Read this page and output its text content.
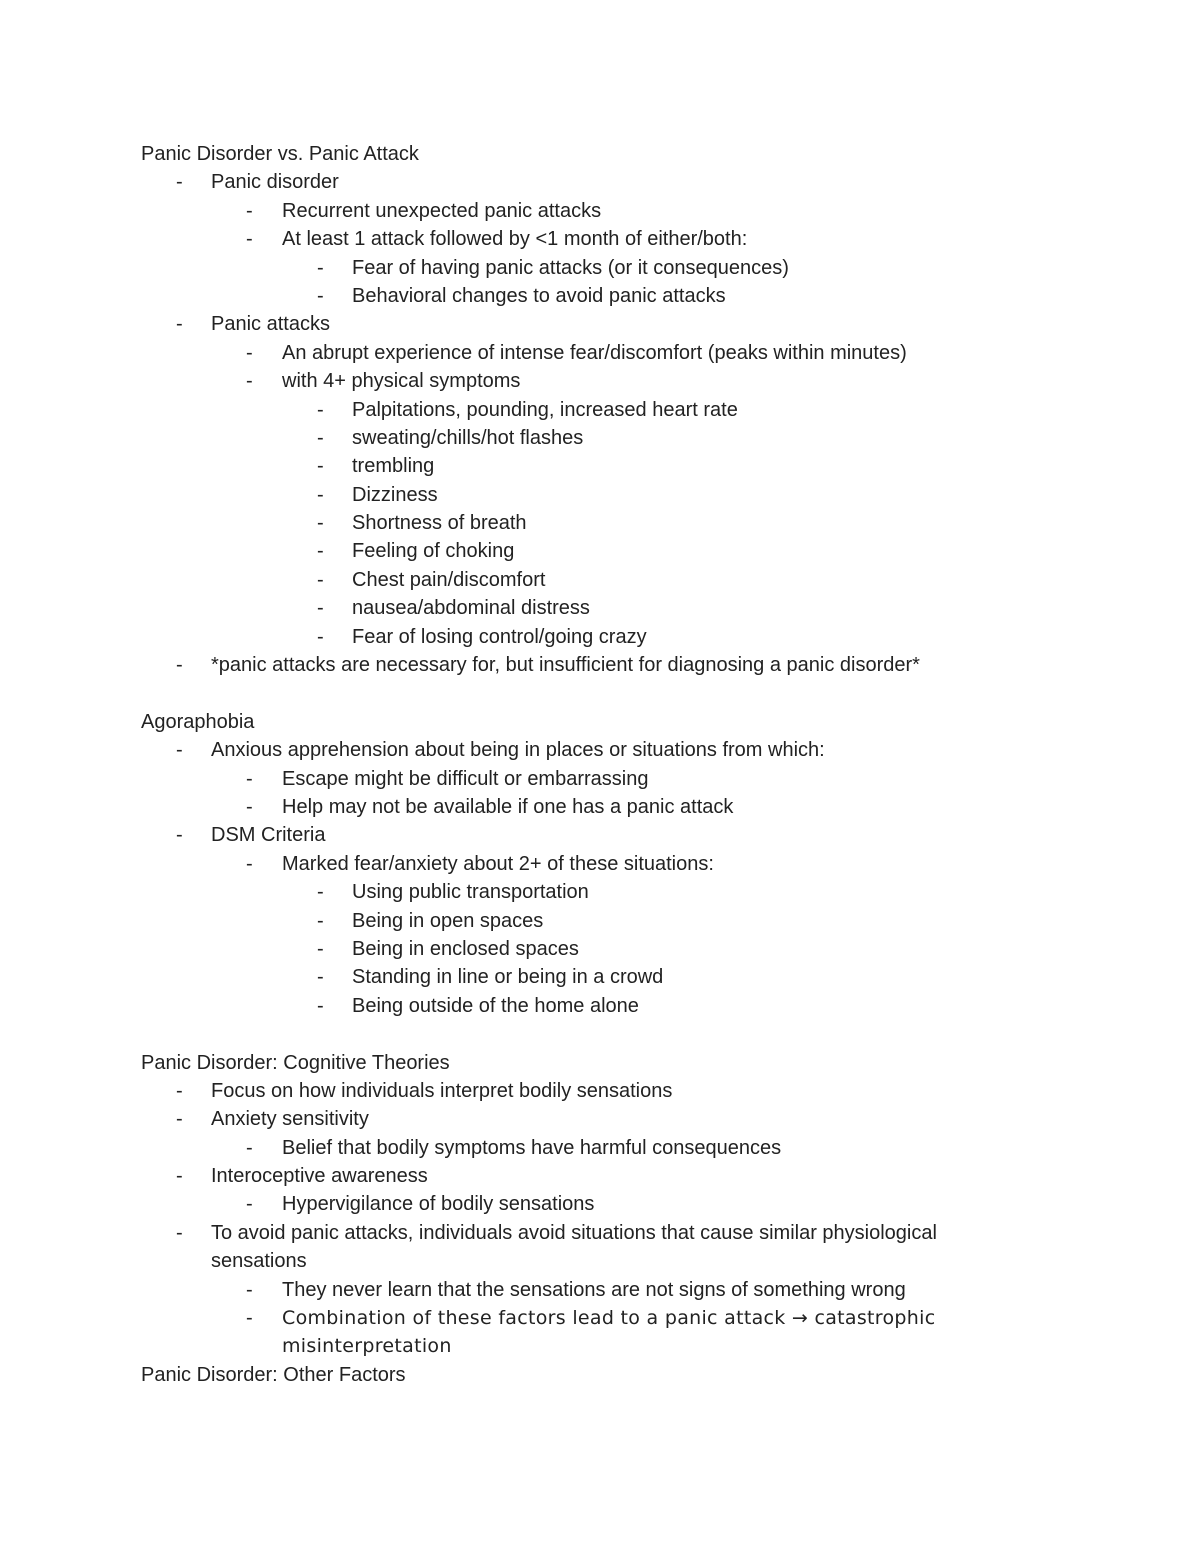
Panic Disorder vs. Panic Attack
- Panic disorder
- Recurrent unexpected panic attacks
- At least 1 attack followed by <1 month of either/both:
- Fear of having panic attacks (or it consequences)
- Behavioral changes to avoid panic attacks
- Panic attacks
- An abrupt experience of intense fear/discomfort (peaks within minutes)
- with 4+ physical symptoms
- Palpitations, pounding, increased heart rate
- sweating/chills/hot flashes
- trembling
- Dizziness
- Shortness of breath
- Feeling of choking
- Chest pain/discomfort
- nausea/abdominal distress
- Fear of losing control/going crazy
- *panic attacks are necessary for, but insufficient for diagnosing a panic disorder*
Agoraphobia
- Anxious apprehension about being in places or situations from which:
- Escape might be difficult or embarrassing
- Help may not be available if one has a panic attack
- DSM Criteria
- Marked fear/anxiety about 2+ of these situations:
- Using public transportation
- Being in open spaces
- Being in enclosed spaces
- Standing in line or being in a crowd
- Being outside of the home alone
Panic Disorder: Cognitive Theories
- Focus on how individuals interpret bodily sensations
- Anxiety sensitivity
- Belief that bodily symptoms have harmful consequences
- Interoceptive awareness
- Hypervigilance of bodily sensations
- To avoid panic attacks, individuals avoid situations that cause similar physiological
sensations
- They never learn that the sensations are not signs of something wrong
- Combination of these factors lead to a panic attack → catastrophic
misinterpretation
Panic Disorder: Other Factors
